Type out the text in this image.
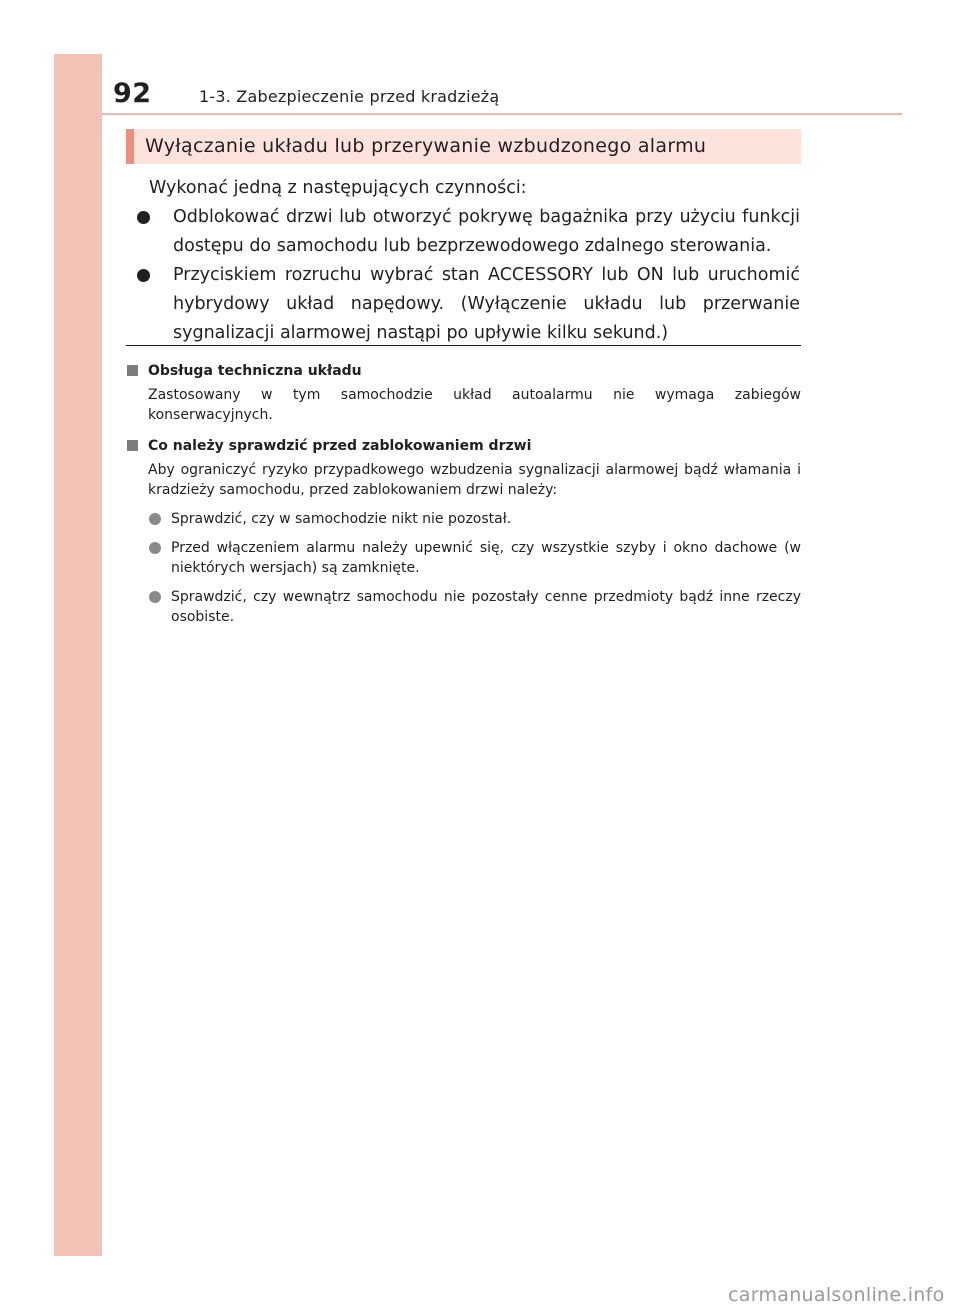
92	1-3. Zabezpieczenie przed kradzieżą
Wyłączanie układu lub przerywanie wzbudzonego alarmu
Wykonać jedną z następujących czynności:
Odblokować drzwi lub otworzyć pokrywę bagażnika przy użyciu funkcji dostępu do samochodu lub bezprzewodowego zdalnego sterowania.
Przyciskiem rozruchu wybrać stan ACCESSORY lub ON lub uruchomić hybrydowy układ napędowy. (Wyłączenie układu lub przerwanie sygnalizacji alarmowej nastąpi po upływie kilku sekund.)
Obsługa techniczna układu
Zastosowany w tym samochodzie układ autoalarmu nie wymaga zabiegów konserwacyjnych.
Co należy sprawdzić przed zablokowaniem drzwi
Aby ograniczyć ryzyko przypadkowego wzbudzenia sygnalizacji alarmowej bądź włamania i kradzieży samochodu, przed zablokowaniem drzwi należy:
Sprawdzić, czy w samochodzie nikt nie pozostał.
Przed włączeniem alarmu należy upewnić się, czy wszystkie szyby i okno dachowe (w niektórych wersjach) są zamknięte.
Sprawdzić, czy wewnątrz samochodu nie pozostały cenne przedmioty bądź inne rzeczy osobiste.
carmanualsonline.info
